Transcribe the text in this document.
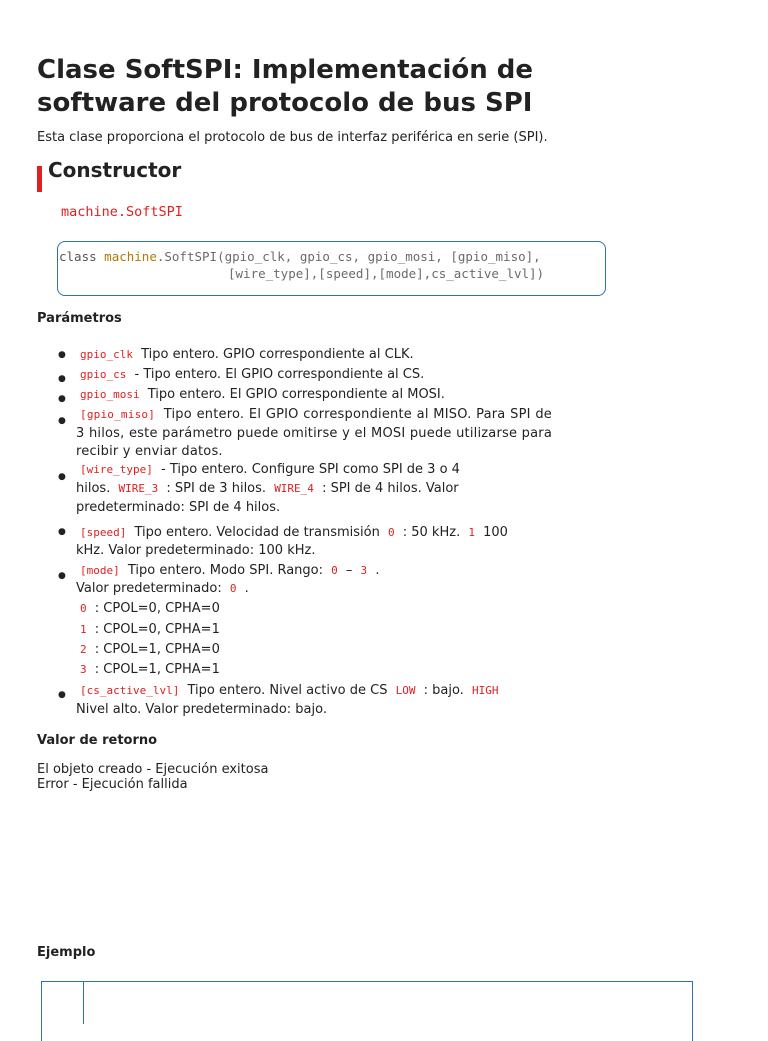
Clase SoftSPI: Implementación de software del protocolo de bus SPI
Esta clase proporciona el protocolo de bus de interfaz periférica en serie (SPI).
Constructor
machine.SoftSPI
class machine.SoftSPI(gpio_clk, gpio_cs, gpio_mosi, [gpio_miso],
[wire_type],[speed],[mode],cs_active_lvl])
Parámetros
●	gpio_clk Tipo entero. GPIO correspondiente al CLK.
●	gpio_cs - Tipo entero. El GPIO correspondiente al CS.
●	gpio_mosi Tipo entero. El GPIO correspondiente al MOSI.
●	[gpio_miso] Tipo entero. El GPIO correspondiente al MISO. Para SPI de 3 hilos, este parámetro puede omitirse y el MOSI puede utilizarse para recibir y enviar datos.
●
[wire_type] - Tipo entero. Configure SPI como SPI de 3 o 4
hilos. WIRE_3 : SPI de 3 hilos. WIRE_4 : SPI de 4 hilos. Valor
predeterminado: SPI de 4 hilos.
●	[speed] Tipo entero. Velocidad de transmisión 0 : 50 kHz. 1 100
kHz. Valor predeterminado: 100 kHz.
●	[mode] Tipo entero. Modo SPI. Rango: 0 – 3 .
Valor predeterminado: 0 .
0 : CPOL=0, CPHA=0
1 : CPOL=0, CPHA=1
2 : CPOL=1, CPHA=0
3 : CPOL=1, CPHA=1
●	[cs_active_lvl] Tipo entero. Nivel activo de CS LOW : bajo. HIGH
Nivel alto. Valor predeterminado: bajo.
Valor de retorno
El objeto creado - Ejecución exitosa
Error - Ejecución fallida
Ejemplo
